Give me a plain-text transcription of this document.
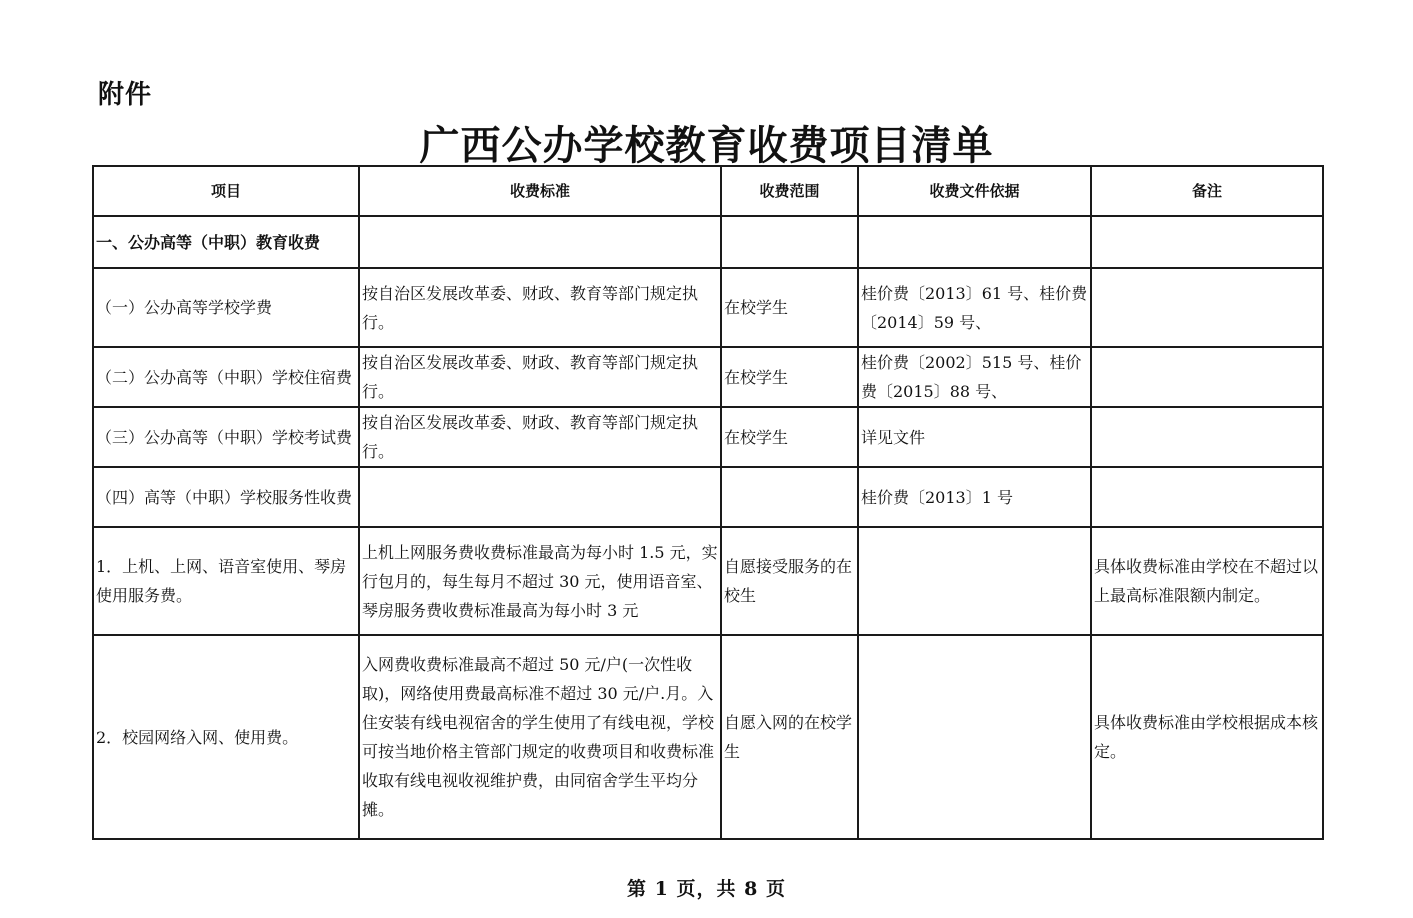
附件
广西公办学校教育收费项目清单
项目	收费标准	收费范围	收费文件依据	备注
一、公办高等（中职）教育收费				
（一）公办高等学校学费	按自治区发展改革委、财政、教育等部门规定执行。	在校学生	桂价费〔2013〕61 号、桂价费〔2014〕59 号、	
（二）公办高等（中职）学校住宿费	按自治区发展改革委、财政、教育等部门规定执行。	在校学生	桂价费〔2002〕515 号、桂价费〔2015〕88 号、	
（三）公办高等（中职）学校考试费	按自治区发展改革委、财政、教育等部门规定执行。	在校学生	详见文件	
（四）高等（中职）学校服务性收费			桂价费〔2013〕1 号	
1．上机、上网、语音室使用、琴房使用服务费。	上机上网服务费收费标准最高为每小时 1.5 元，实行包月的，每生每月不超过 30 元，使用语音室、琴房服务费收费标准最高为每小时 3 元	自愿接受服务的在校生		具体收费标准由学校在不超过以上最高标准限额内制定。
2．校园网络入网、使用费。	入网费收费标准最高不超过 50 元/户(一次性收取)，网络使用费最高标准不超过 30 元/户.月。入住安装有线电视宿舍的学生使用了有线电视，学校可按当地价格主管部门规定的收费项目和收费标准收取有线电视收视维护费，由同宿舍学生平均分摊。	自愿入网的在校学生		具体收费标准由学校根据成本核定。
第 1 页，共 8 页
